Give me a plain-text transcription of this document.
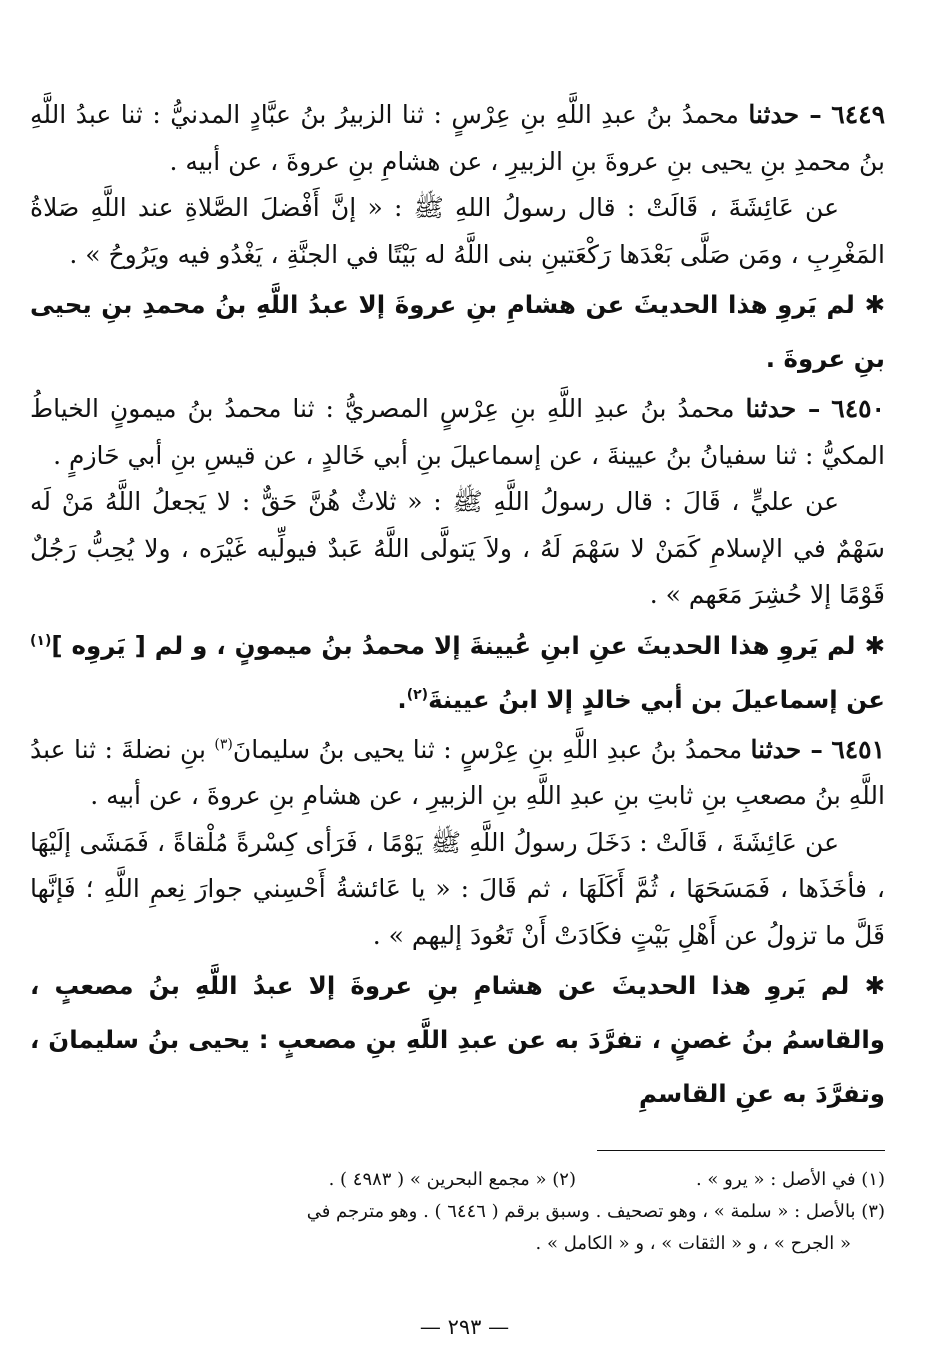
٦٤٤٩ – حدثنا محمدُ بنُ عبدِ اللَّهِ بنِ عِرْسٍ : ثنا الزبيرُ بنُ عبَّادٍ المدنيُّ : ثنا عبدُ اللَّهِ بنُ محمدِ بنِ يحيى بنِ عروةَ بنِ الزبيرِ ، عن هشامِ بنِ عروةَ ، عن أبيه .

عن عَائِشَةَ ، قَالَتْ : قال رسولُ اللهِ ﷺ : « إنَّ أَفْضلَ الصَّلاةِ عند اللَّهِ صَلاةُ المَغْرِبِ ، ومَن صَلَّى بَعْدَها رَكْعَتينِ بنى اللَّهُ له بَيْتًا في الجنَّةِ ، يَغْدُو فيه ويَرُوحُ » .

✱ لم يَروِ هذا الحديثَ عن هشامِ بنِ عروةَ إلا عبدُ اللَّهِ بنُ محمدِ بنِ يحيى بنِ عروةَ .

٦٤٥٠ – حدثنا محمدُ بنُ عبدِ اللَّهِ بنِ عِرْسٍ المصريُّ : ثنا محمدُ بنُ ميمونٍ الخياطُ المكيُّ : ثنا سفيانُ بنُ عيينةَ ، عن إسماعيلَ بنِ أبي خَالدٍ ، عن قيسِ بنِ أبي حَازمٍ .

عن عليٍّ ، قَالَ : قال رسولُ اللَّهِ ﷺ : « ثلاثٌ هُنَّ حَقٌّ : لا يَجعلُ اللَّهُ مَنْ لَه سَهْمٌ في الإسلامِ كَمَنْ لا سَهْمَ لَهُ ، ولاَ يَتولَّى اللَّهُ عَبدٌ فيولِّيه غَيْرَه ، ولا يُحِبُّ رَجُلٌ قَوْمًا إلا حُشِرَ مَعَهم » .

✱ لم يَروِ هذا الحديثَ عنِ ابنِ عُيينةَ إلا محمدُ بنُ ميمونٍ ، و لم [ يَروِه ]$^{(١)}$ عن إسماعيلَ بن أبي خالدٍ إلا ابنُ عيينةَ$^{(٢)}$.

٦٤٥١ – حدثنا محمدُ بنُ عبدِ اللَّهِ بنِ عِرْسٍ : ثنا يحيى بنُ سليمانَ$^{(٣)}$ بنِ نضلةَ : ثنا عبدُ اللَّهِ بنُ مصعبِ بنِ ثابتِ بنِ عبدِ اللَّهِ بنِ الزبيرِ ، عن هشامِ بنِ عروةَ ، عن أبيه .

عن عَائِشَةَ ، قَالَتْ : دَخَلَ رسولُ اللَّهِ ﷺ يَوْمًا ، فَرَأى كِسْرةً مُلْقاةً ، فَمَشَى إلَيْهَا ، فأخَذَها ، فَمَسَحَهَا ، ثُمَّ أَكَلَهَا ، ثم قَالَ : « يا عَائشةُ أَحْسِني جوارَ نِعمِ اللَّهِ ؛ فَإنَّها قَلَّ ما تزولُ عن أَهْلِ بَيْتٍ فكَادَتْ أَنْ تَعُودَ إليهم » .

✱ لم يَروِ هذا الحديثَ عن هشامِ بنِ عروةَ إلا عبدُ اللَّهِ بنُ مصعبٍ ، والقاسمُ بنُ غصنٍ ، تفرَّدَ به عن عبدِ اللَّهِ بنِ مصعبٍ : يحيى بنُ سليمانَ ، وتفرَّدَ به عنِ القاسمِ

(١) في الأصل : « يرو » .
(٢) « مجمع البحرين » ( ٤٩٨٣ ) .

(٣) بالأصل : « سلمة » ، وهو تصحيف . وسبق برقم ( ٦٤٤٦ ) . وهو مترجم في

« الجرح » ، و « الثقات » ، و « الكامل » .

— ٢٩٣ —
